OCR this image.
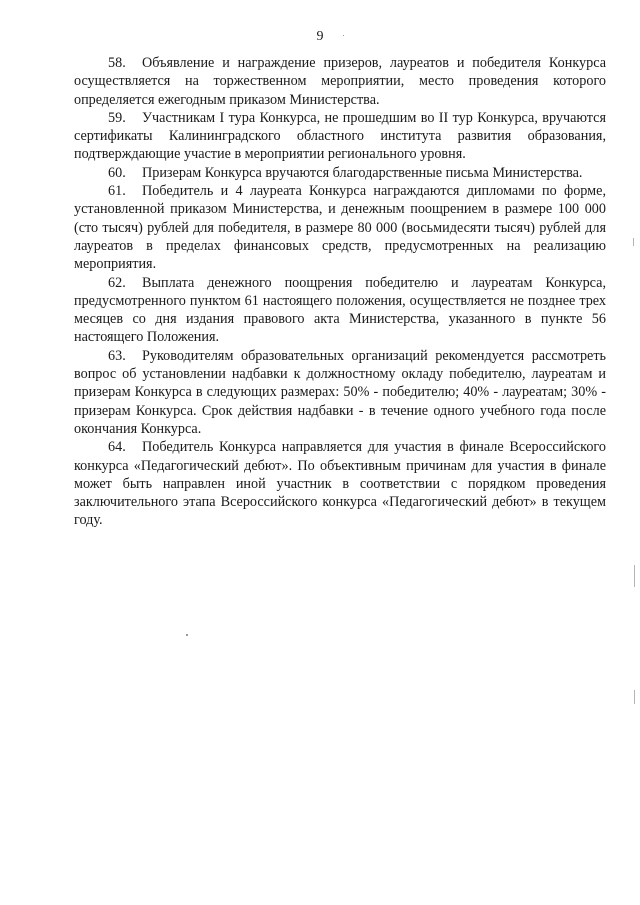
9

58. Объявление и награждение призеров, лауреатов и победителя Конкурса осуществляется на торжественном мероприятии, место проведения которого определяется ежегодным приказом Министерства.

59. Участникам I тура Конкурса, не прошедшим во II тур Конкурса, вручаются сертификаты Калининградского областного института развития образования, подтверждающие участие в мероприятии регионального уровня.

60. Призерам Конкурса вручаются благодарственные письма Министерства.

61. Победитель и 4 лауреата Конкурса награждаются дипломами по форме, установленной приказом Министерства, и денежным поощрением в размере 100 000 (сто тысяч) рублей для победителя, в размере 80 000 (восьмидесяти тысяч) рублей для лауреатов в пределах финансовых средств, предусмотренных на реализацию мероприятия.

62. Выплата денежного поощрения победителю и лауреатам Конкурса, предусмотренного пунктом 61 настоящего положения, осуществляется не позднее трех месяцев со дня издания правового акта Министерства, указанного в пункте 56 настоящего Положения.

63. Руководителям образовательных организаций рекомендуется рассмотреть вопрос об установлении надбавки к должностному окладу победителю, лауреатам и призерам Конкурса в следующих размерах: 50% - победителю; 40% - лауреатам; 30% - призерам Конкурса. Срок действия надбавки - в течение одного учебного года после окончания Конкурса.

64. Победитель Конкурса направляется для участия в финале Всероссийского конкурса «Педагогический дебют». По объективным причинам для участия в финале может быть направлен иной участник в соответствии с порядком проведения заключительного этапа Всероссийского конкурса «Педагогический дебют» в текущем году.
